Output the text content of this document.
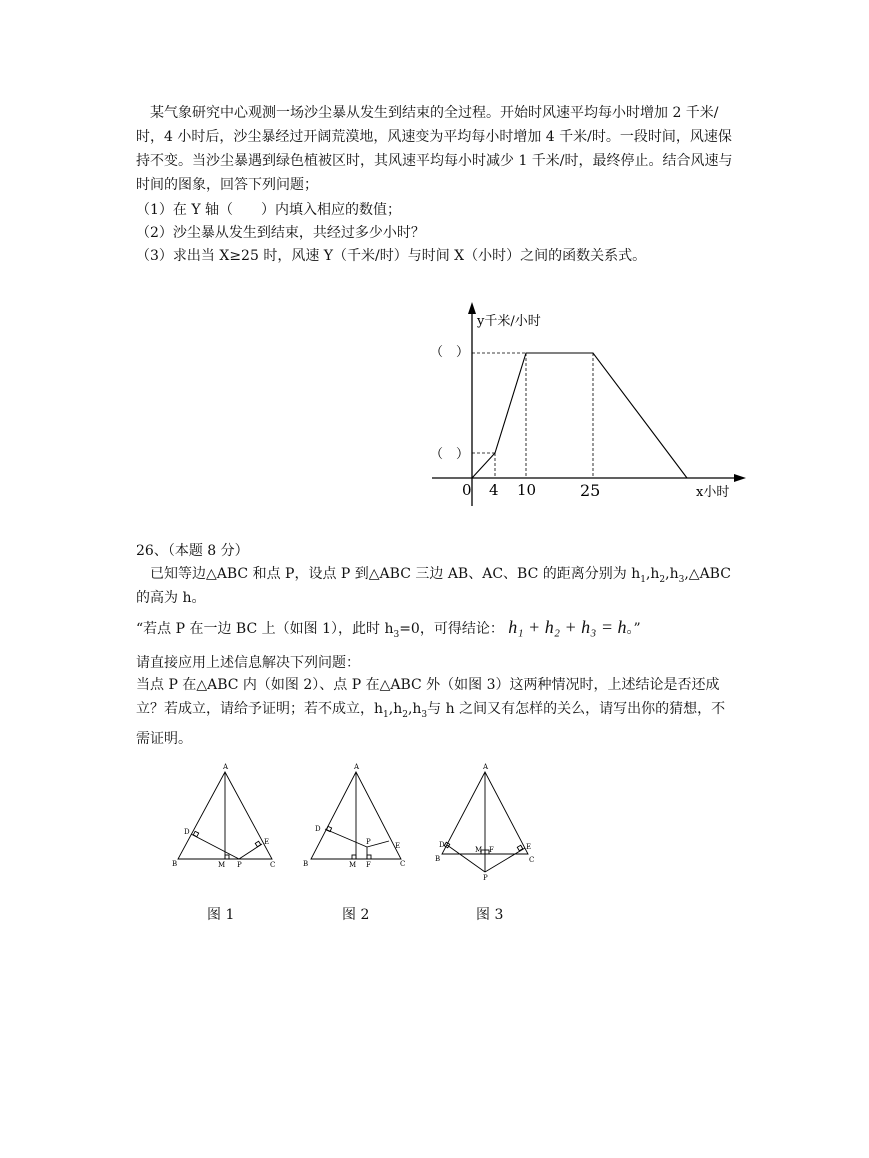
　某气象研究中心观测一场沙尘暴从发生到结束的全过程。开始时风速平均每小时增加 2 千米/时，4 小时后，沙尘暴经过开阔荒漠地，风速变为平均每小时增加 4 千米/时。一段时间，风速保持不变。当沙尘暴遇到绿色植被区时，其风速平均每小时减少 1 千米/时，最终停止。结合风速与时间的图象，回答下列问题；
（1）在 Y 轴（　　）内填入相应的数值；
（2）沙尘暴从发生到结束，共经过多少小时？
（3）求出当 X≥25 时，风速 Y（千米/时）与时间 X（小时）之间的函数关系式。
y千米/小时
x小时
（　）
（　）
0 4 10	25
26、（本题 8 分）
　已知等边△ABC 和点 P，设点 P 到△ABC 三边 AB、AC、BC 的距离分别为 $h_1,h_2,h_3,\triangle ABC$
的高为 h。
“若点 P 在一边 BC 上（如图 1），此时 $h_3=0$，可得结论： h₁ + h₂ + h₃ = h。”
请直接应用上述信息解决下列问题：
当点 P 在△ABC 内（如图 2）、点 P 在△ABC 外（如图 3）这两种情况时，上述结论是否还成立？若成立，请给予证明；若不成立，$h_1,h_2,h_3$与 h 之间又有怎样的关么，请写出你的猜想，不需证明。
A
B	C
D
E
M P
图 1
A
B	C
D
E
P
M F
图 2
A
B	C
D	E
M F
P
图 3
